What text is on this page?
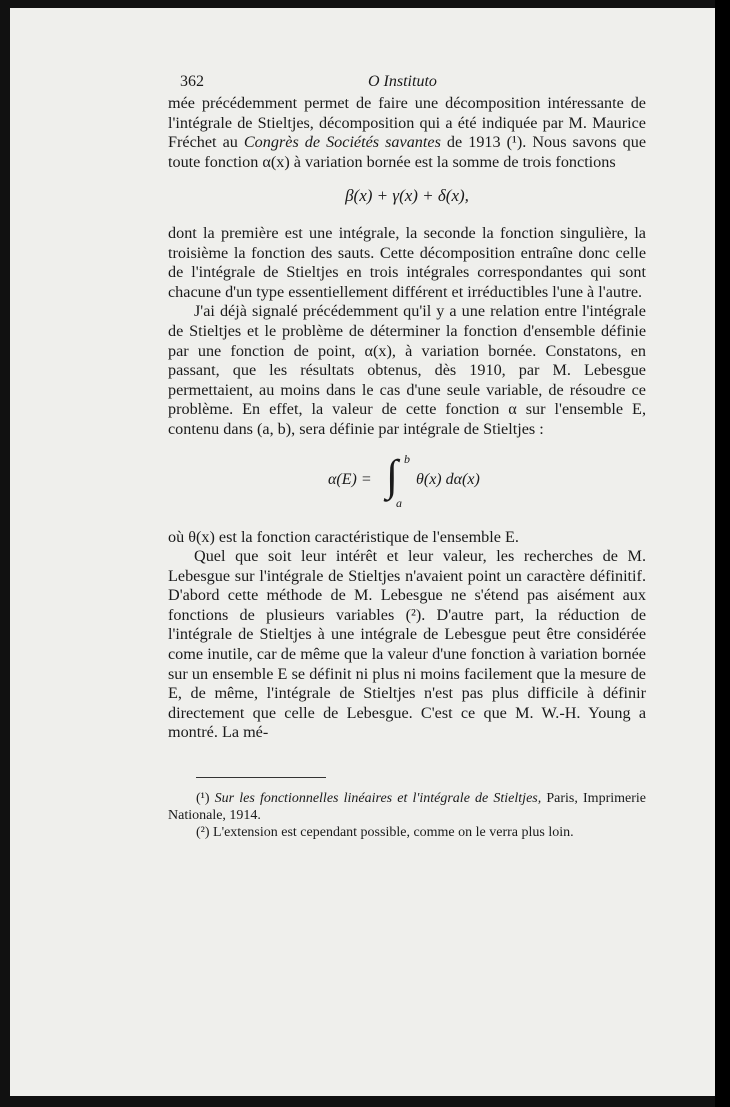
362	O Instituto

mée précédemment permet de faire une décomposition intéressante de l'intégrale de Stieltjes, décomposition qui a été indiquée par M. Maurice Fréchet au Congrès de Sociétés savantes de 1913 (¹). Nous savons que toute fonction α(x) à variation bornée est la somme de trois fonctions

β(x) + γ(x) + δ(x),

dont la première est une intégrale, la seconde la fonction singulière, la troisième la fonction des sauts. Cette décomposition entraîne donc celle de l'intégrale de Stieltjes en trois intégrales correspondantes qui sont chacune d'un type essentiellement différent et irréductibles l'une à l'autre.

J'ai déjà signalé précédemment qu'il y a une relation entre l'intégrale de Stieltjes et le problème de déterminer la fonction d'ensemble définie par une fonction de point, α(x), à variation bornée. Constatons, en passant, que les résultats obtenus, dès 1910, par M. Lebesgue permettaient, au moins dans le cas d'une seule variable, de résoudre ce problème. En effet, la valeur de cette fonction α sur l'ensemble E, contenu dans (a, b), sera définie par intégrale de Stieltjes :

α(E) = ∫ b
a
θ(x) dα(x)

où θ(x) est la fonction caractéristique de l'ensemble E.

Quel que soit leur intérêt et leur valeur, les recherches de M. Lebesgue sur l'intégrale de Stieltjes n'avaient point un caractère définitif. D'abord cette méthode de M. Lebesgue ne s'étend pas aisément aux fonctions de plusieurs variables (²). D'autre part, la réduction de l'intégrale de Stieltjes à une intégrale de Lebesgue peut être considérée come inutile, car de même que la valeur d'une fonction à variation bornée sur un ensemble E se définit ni plus ni moins facilement que la mesure de E, de même, l'intégrale de Stieltjes n'est pas plus difficile à définir directement que celle de Lebesgue. C'est ce que M. W.-H. Young a montré. La mé-

(¹) Sur les fonctionnelles linéaires et l'intégrale de Stieltjes, Paris, Imprimerie Nationale, 1914.

(²) L'extension est cependant possible, comme on le verra plus loin.
